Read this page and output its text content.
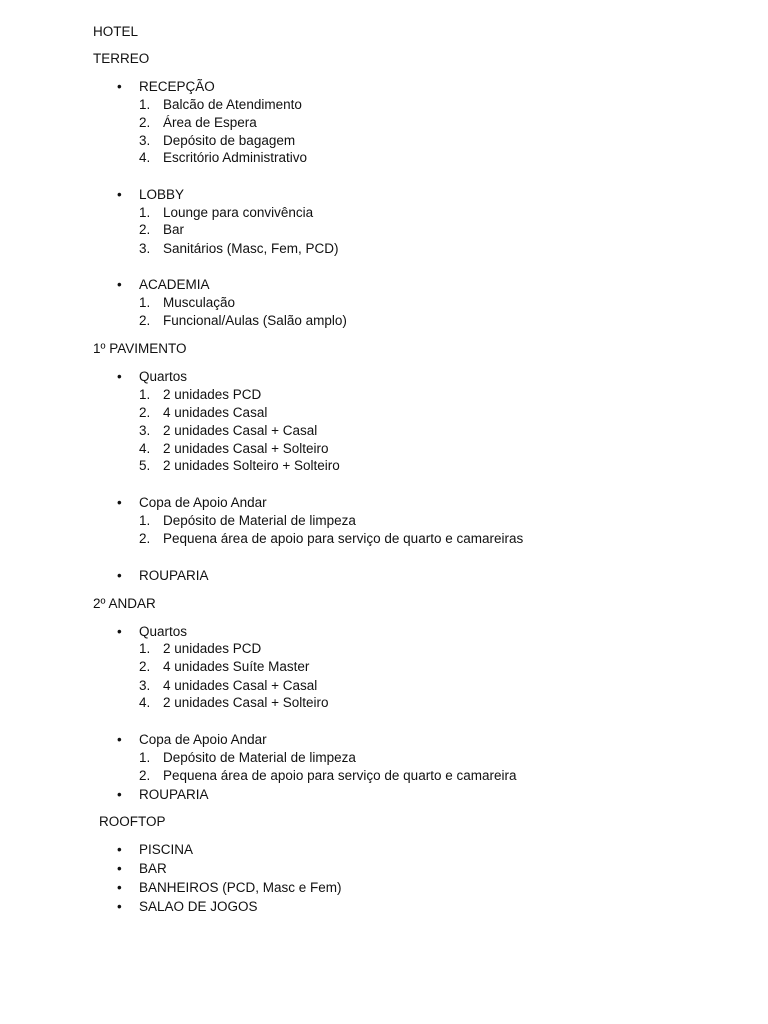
HOTEL
TERREO
•	RECEPÇÃO
1. Balcão de Atendimento
2. Área de Espera
3. Depósito de bagagem
4. Escritório Administrativo
•	LOBBY
1. Lounge para convivência
2. Bar
3. Sanitários (Masc, Fem, PCD)
•	ACADEMIA
1. Musculação
2. Funcional/Aulas (Salão amplo)
1º PAVIMENTO
•	Quartos
1. 2 unidades PCD
2. 4 unidades Casal
3. 2 unidades Casal + Casal
4. 2 unidades Casal + Solteiro
5. 2 unidades Solteiro + Solteiro
•	Copa de Apoio Andar
1. Depósito de Material de limpeza
2. Pequena área de apoio para serviço de quarto e camareiras
•	ROUPARIA
2º ANDAR
•	Quartos
1. 2 unidades PCD
2. 4 unidades Suíte Master
3. 4 unidades Casal + Casal
4. 2 unidades Casal + Solteiro
•	Copa de Apoio Andar
1. Depósito de Material de limpeza
2. Pequena área de apoio para serviço de quarto e camareira
•	ROUPARIA
ROOFTOP
•	PISCINA
•	BAR
•	BANHEIROS (PCD, Masc e Fem)
•	SALAO DE JOGOS
